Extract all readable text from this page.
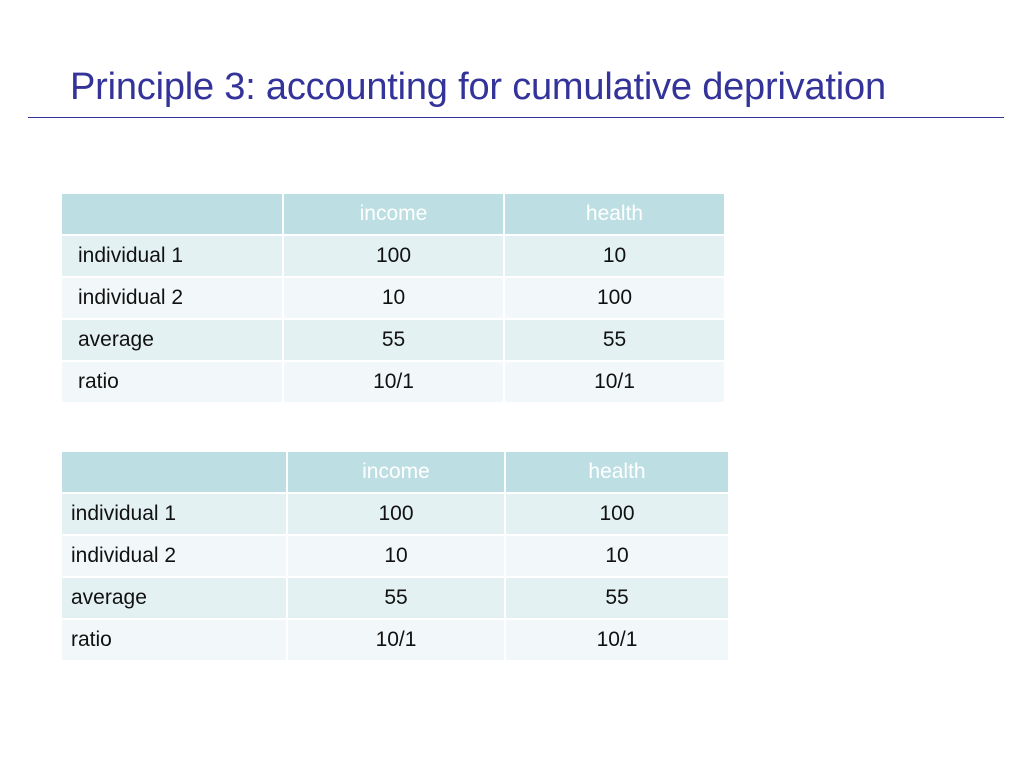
Principle 3: accounting for cumulative deprivation
	income	health
individual 1	100	10
individual 2	10	100
average	55	55
ratio	10/1	10/1
	income	health
individual 1	100	100
individual 2	10	10
average	55	55
ratio	10/1	10/1
